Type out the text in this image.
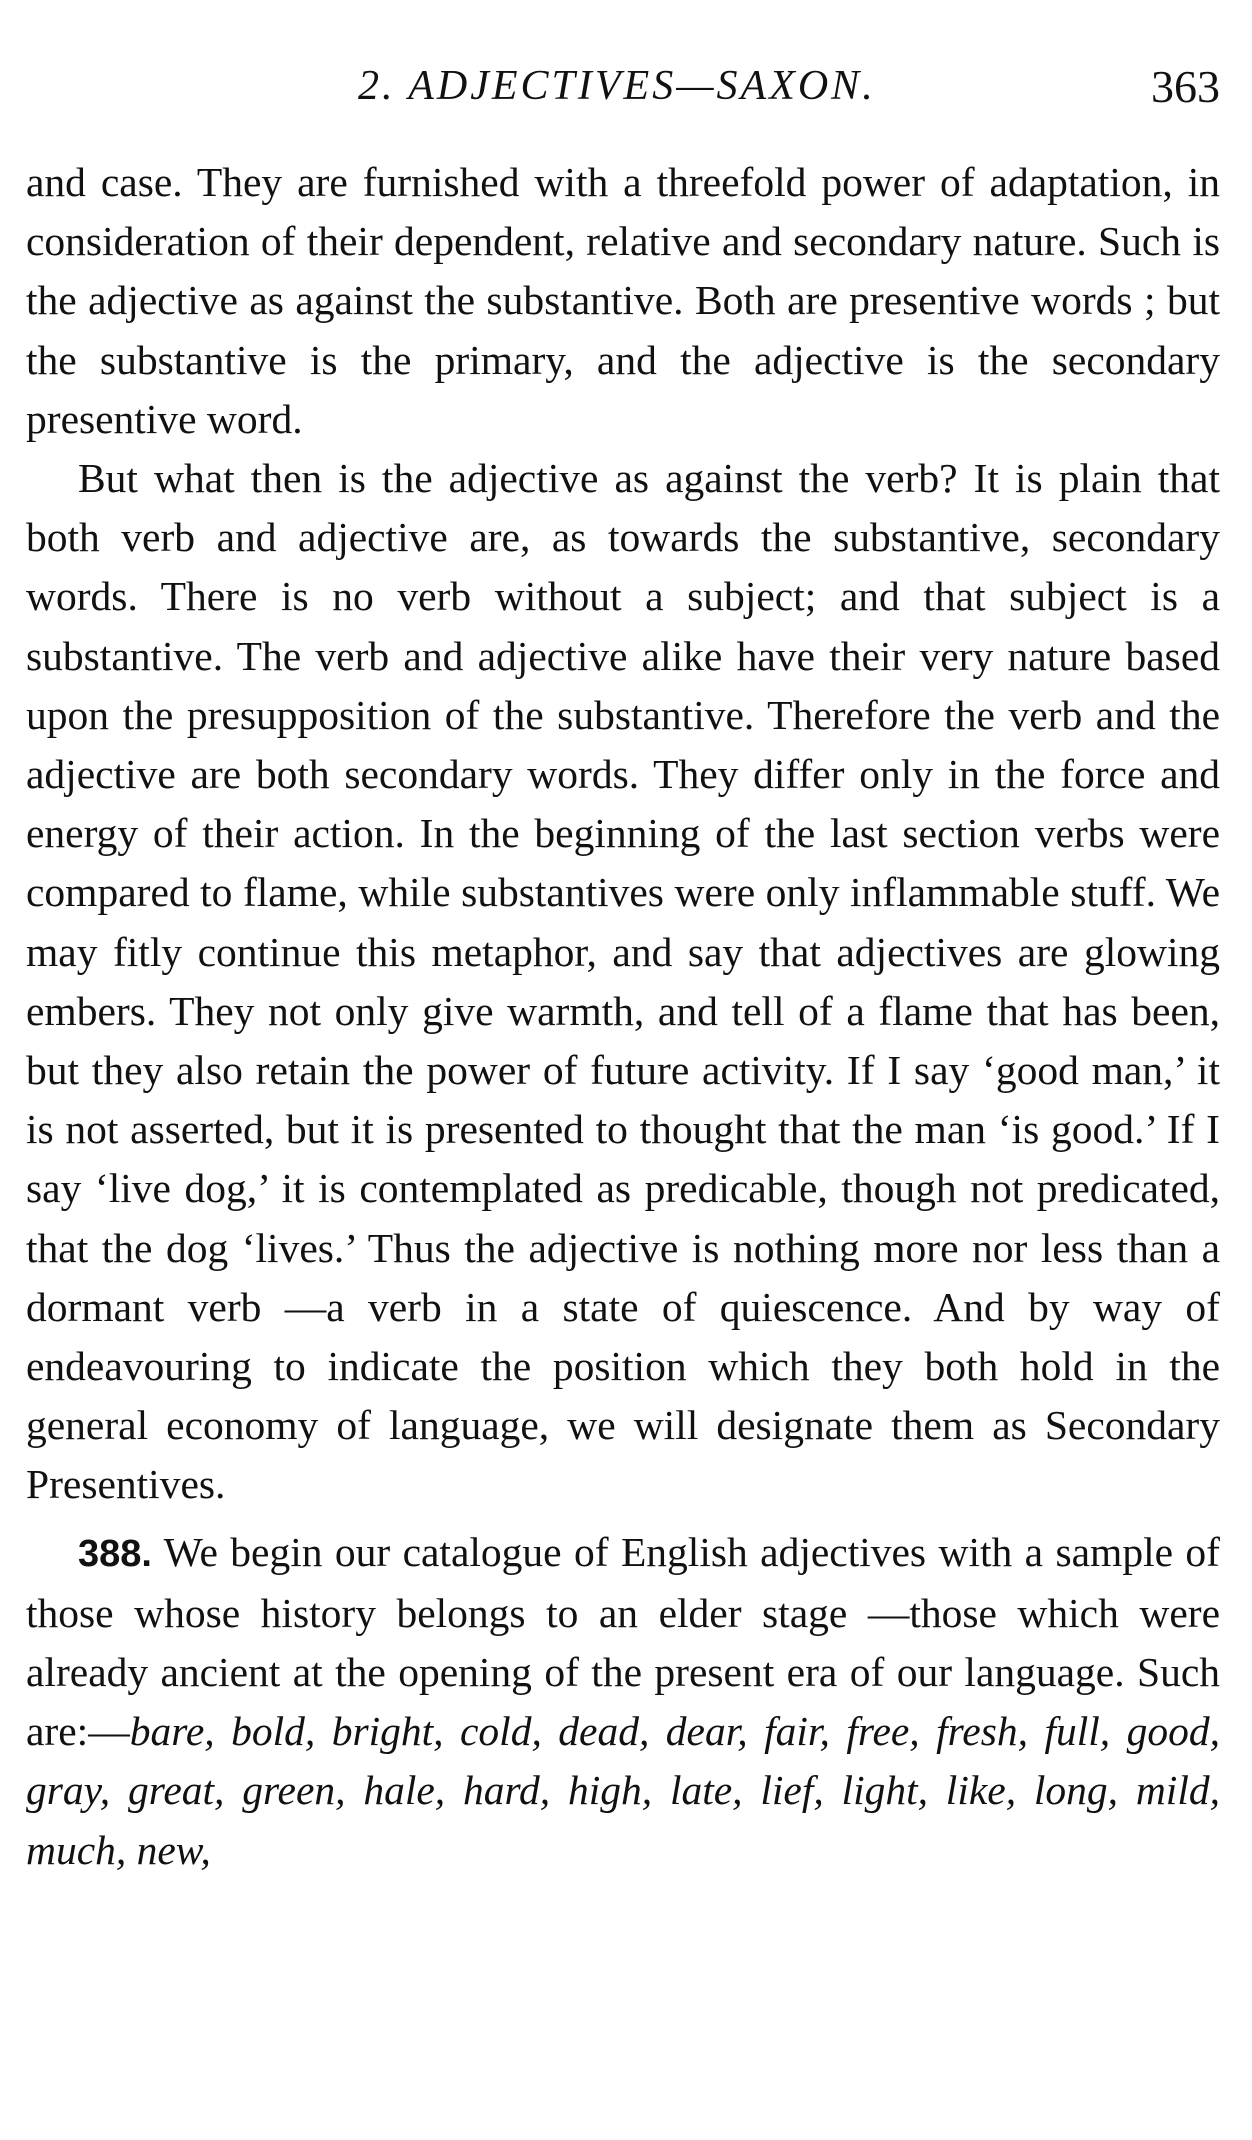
2. ADJECTIVES—SAXON.	363

and case. They are furnished with a threefold power of adaptation, in consideration of their dependent, relative and secondary nature. Such is the adjective as against the substantive. Both are presentive words ; but the substantive is the primary, and the adjective is the secondary presentive word.

But what then is the adjective as against the verb? It is plain that both verb and adjective are, as towards the substantive, secondary words. There is no verb without a subject; and that subject is a substantive. The verb and adjective alike have their very nature based upon the presupposition of the substantive. Therefore the verb and the adjective are both secondary words. They differ only in the force and energy of their action. In the beginning of the last section verbs were compared to flame, while substantives were only inflammable stuff. We may fitly continue this metaphor, and say that adjectives are glowing embers. They not only give warmth, and tell of a flame that has been, but they also retain the power of future activity. If I say ‘good man,’ it is not asserted, but it is presented to thought that the man ‘is good.’ If I say ‘live dog,’ it is contemplated as predicable, though not predicated, that the dog ‘lives.’ Thus the adjective is nothing more nor less than a dormant verb —a verb in a state of quiescence. And by way of endeavouring to indicate the position which they both hold in the general economy of language, we will designate them as Secondary Presentives.

388. We begin our catalogue of English adjectives with a sample of those whose history belongs to an elder stage —those which were already ancient at the opening of the present era of our language. Such are:—bare, bold, bright, cold, dead, dear, fair, free, fresh, full, good, gray, great, green, hale, hard, high, late, lief, light, like, long, mild, much, new,
